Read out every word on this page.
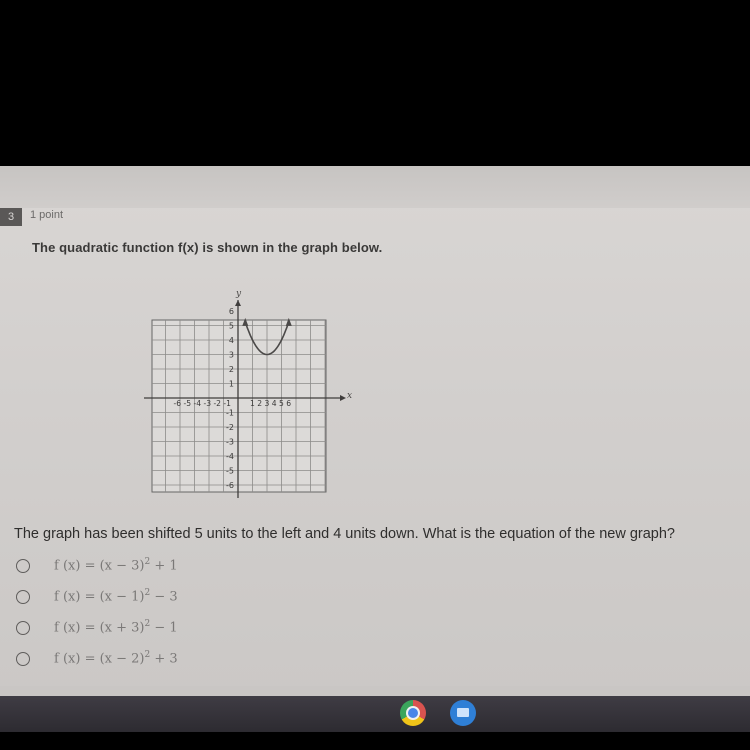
3	1 point
The quadratic function f(x) is shown in the graph below.
-6 -5 -4 -3 -2 -1	1 2 3 4 5 6
6
5
4
3
2
1
-1
-2
-3
-4
-5
-6
x
y
The graph has been shifted 5 units to the left and 4 units down. What is the equation of the new graph?
f $(x) = (x - 3)^2 + 1$
f $(x) = (x - 1)^2 - 3$
f $(x) = (x + 3)^2 - 1$
f $(x) = (x - 2)^2 + 3$
